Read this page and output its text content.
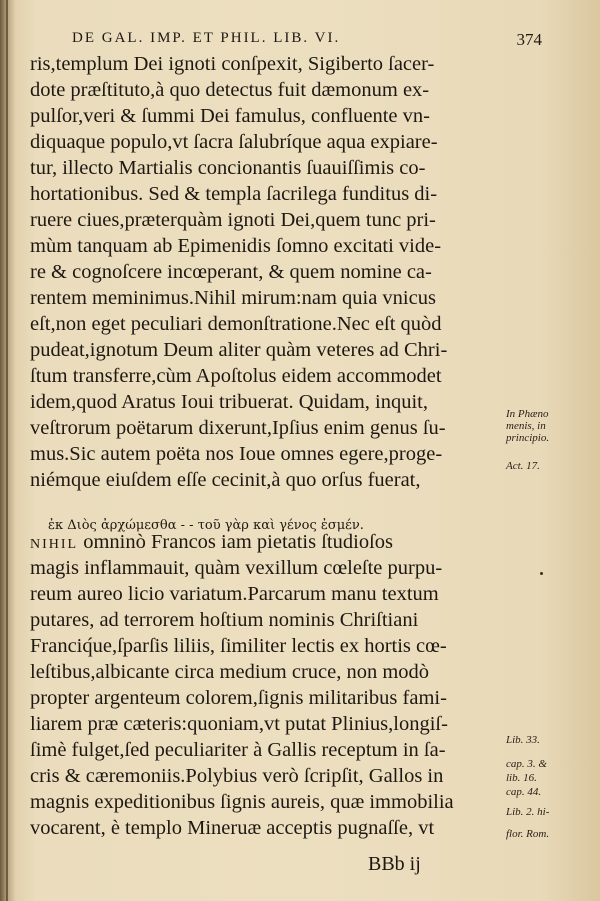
DE GAL. IMP. ET PHIL. LIB. VI.	374
ris,templum Dei ignoti conſpexit, Sigiberto ſacer-
dote præſtituto,à quo detectus fuit dæmonum ex-
pulſor,veri & ſummi Dei famulus, confluente vn-
diquaque populo,vt ſacra ſalubríque aqua expiare-
tur, illecto Martialis concionantis ſuauiſſimis co-
hortationibus. Sed & templa ſacrilega funditus di-
ruere ciues,præterquàm ignoti Dei,quem tunc pri-
mùm tanquam ab Epimenidis ſomno excitati vide-
re & cognoſcere incœperant, & quem nomine ca-
rentem meminimus.Nihil mirum:nam quia vnicus
eſt,non eget peculiari demonſtratione.Nec eſt quòd
pudeat,ignotum Deum aliter quàm veteres ad Chri-
ſtum transferre,cùm Apoſtolus eidem accommodet
idem,quod Aratus Ioui tribuerat. Quidam, inquit,
veſtrorum poëtarum dixerunt,Ipſius enim genus ſu-
mus.Sic autem poëta nos Ioue omnes egere,proge-
niémque eiuſdem eſſe cecinit,à quo orſus fuerat,
NIHIL omninò Francos iam pietatis ſtudioſos
magis inflammauit, quàm vexillum cœleſte purpu-
reum aureo licio variatum.Parcarum manu textum
putares, ad terrorem hoſtium nominis Chriſtiani
Franciq́ue,ſparſis liliis, ſimiliter lectis ex hortis cœ-
leſtibus,albicante circa medium cruce, non modò
propter argenteum colorem,ſignis militaribus fami-
liarem præ cæteris:quoniam,vt putat Plinius,longiſ-
ſimè fulget,ſed peculiariter à Gallis receptum in ſa-
cris & cæremoniis.Polybius verò ſcripſit, Gallos in
magnis expeditionibus ſignis aureis, quæ immobilia
vocarent, è templo Mineruæ acceptis pugnaſſe, vt
ἐκ Διὸς ἀρχώμεσθα - - τοῦ γὰρ καὶ γένος ἐσμέν.
In Phæno
menis, in
principio.
Act. 17.
Lib. 33.
cap. 3. &
lib. 16.
cap. 44.
Lib. 2. hi-
flor. Rom.
BBb ij
